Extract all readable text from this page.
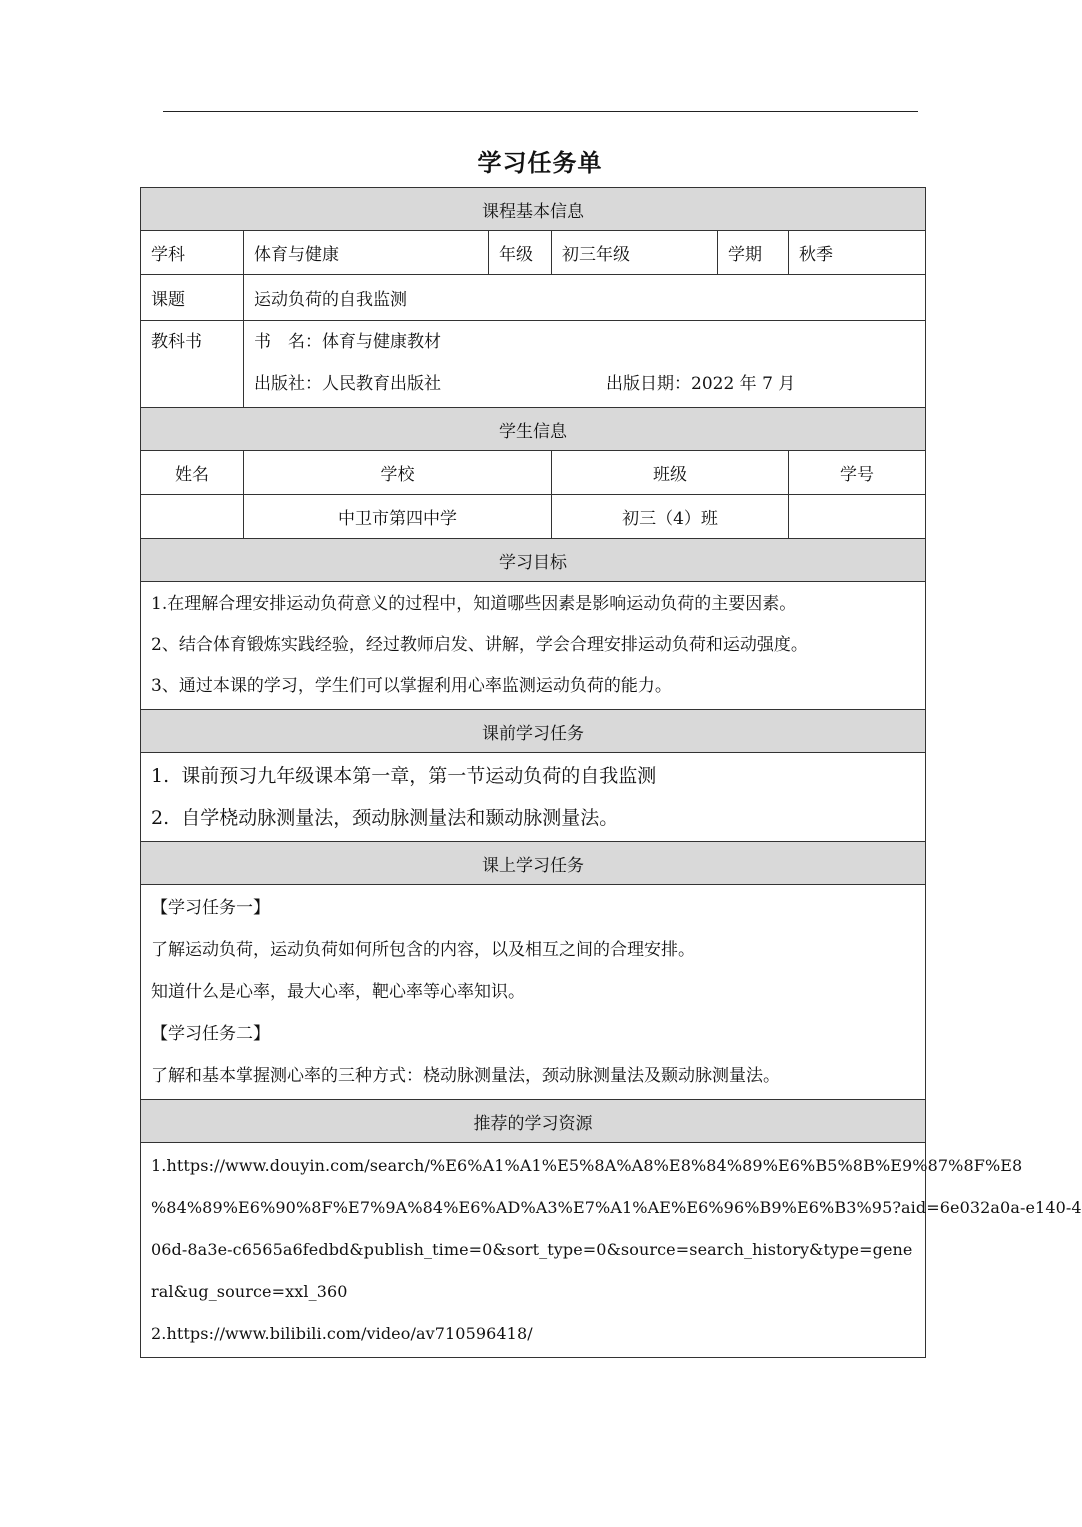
学习任务单
课程基本信息					
学科	体育与健康	年级	初三年级	学期	秋季
课题	运动负荷的自我监测				

教科书	书　名：体育与健康教材
出版社：人民教育出版社 出版日期：2022 年 7 月				

学生信息					
姓名	学校		班级		学号
	中卫市第四中学		初三（4）班		
学习目标					

1.在理解合理安排运动负荷意义的过程中，知道哪些因素是影响运动负荷的主要因素。
2、结合体育锻炼实践经验，经过教师启发、讲解，学会合理安排运动负荷和运动强度。
3、通过本课的学习，学生们可以掌握利用心率监测运动负荷的能力。					

课前学习任务					

1.  课前预习九年级课本第一章，第一节运动负荷的自我监测
2.  自学桡动脉测量法，颈动脉测量法和颞动脉测量法。					

课上学习任务					

【学习任务一】
了解运动负荷，运动负荷如何所包含的内容，以及相互之间的合理安排。
知道什么是心率，最大心率，靶心率等心率知识。
【学习任务二】
了解和基本掌握测心率的三种方式：桡动脉测量法，颈动脉测量法及颞动脉测量法。					

推荐的学习资源					

1.https://www.douyin.com/search/%E6%A1%A1%E5%8A%A8%E8%84%89%E6%B5%8B%E9%87%8F%E8
%84%89%E6%90%8F%E7%9A%84%E6%AD%A3%E7%A1%AE%E6%96%B9%E6%B3%95?aid=6e032a0a-e140-4
06d-8a3e-c6565a6fedbd&publish_time=0&sort_type=0&source=search_history&type=gene
ral&ug_source=xxl_360
2.https://www.bilibili.com/video/av710596418/					
